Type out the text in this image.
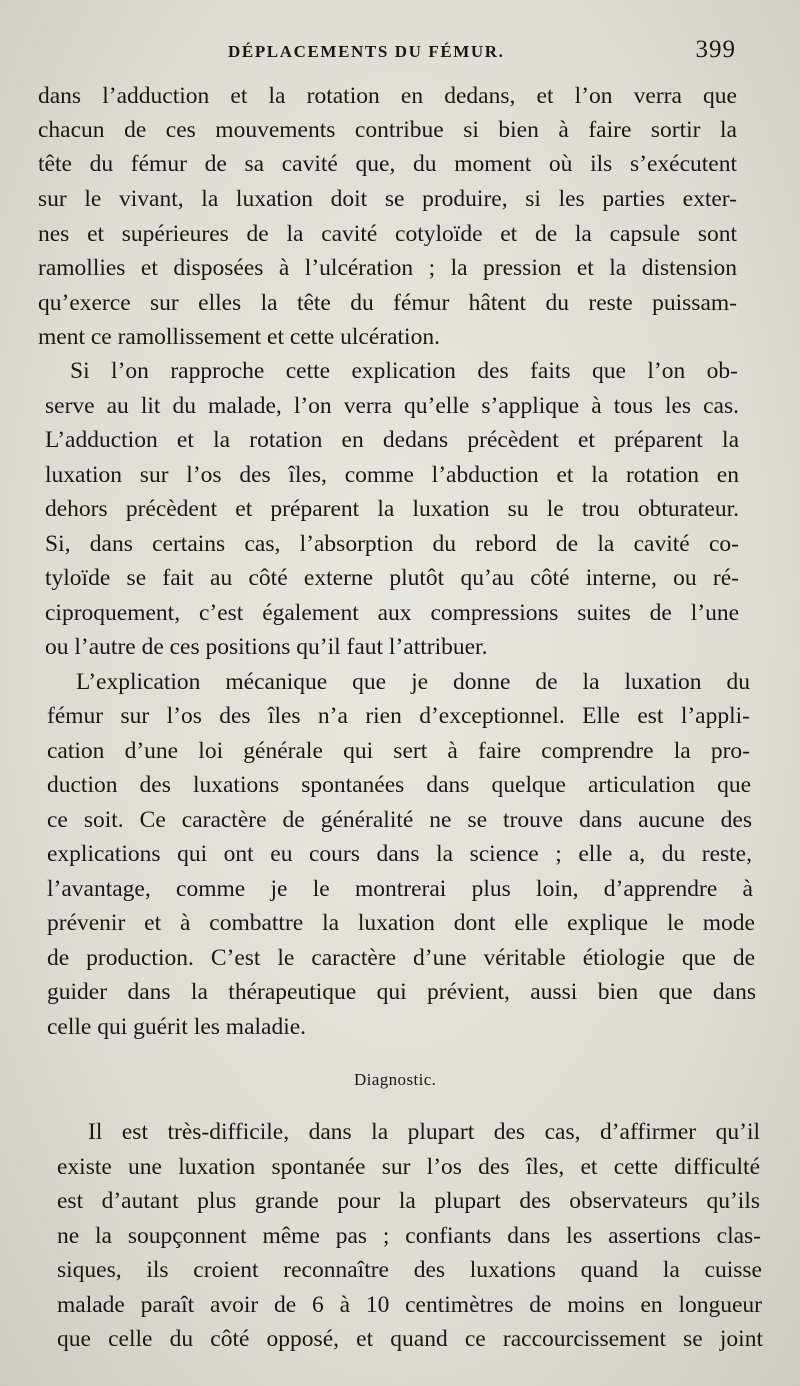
DÉPLACEMENTS DU FÉMUR.	399
dans l’adduction et la rotation en dedans, et l’on verra que
chacun de ces mouvements contribue si bien à faire sortir la
tête du fémur de sa cavité que, du moment où ils s’exécutent
sur le vivant, la luxation doit se produire, si les parties exter-
nes et supérieures de la cavité cotyloïde et de la capsule sont
ramollies et disposées à l’ulcération ; la pression et la distension
qu’exerce sur elles la tête du fémur hâtent du reste puissam-
ment ce ramollissement et cette ulcération.
Si l’on rapproche cette explication des faits que l’on ob-
serve au lit du malade, l’on verra qu’elle s’applique à tous les cas.
L’adduction et la rotation en dedans précèdent et préparent la
luxation sur l’os des îles, comme l’abduction et la rotation en
dehors précèdent et préparent la luxation su le trou obturateur.
Si, dans certains cas, l’absorption du rebord de la cavité co-
tyloïde se fait au côté externe plutôt qu’au côté interne, ou ré-
ciproquement, c’est également aux compressions suites de l’une
ou l’autre de ces positions qu’il faut l’attribuer.
L’explication mécanique que je donne de la luxation du
fémur sur l’os des îles n’a rien d’exceptionnel. Elle est l’appli-
cation d’une loi générale qui sert à faire comprendre la pro-
duction des luxations spontanées dans quelque articulation que
ce soit. Ce caractère de généralité ne se trouve dans aucune des
explications qui ont eu cours dans la science ; elle a, du reste,
l’avantage, comme je le montrerai plus loin, d’apprendre à
prévenir et à combattre la luxation dont elle explique le mode
de production. C’est le caractère d’une véritable étiologie que de
guider dans la thérapeutique qui prévient, aussi bien que dans
celle qui guérit les maladie.
Diagnostic.
Il est très-difficile, dans la plupart des cas, d’affirmer qu’il
existe une luxation spontanée sur l’os des îles, et cette difficulté
est d’autant plus grande pour la plupart des observateurs qu’ils
ne la soupçonnent même pas ; confiants dans les assertions clas-
siques, ils croient reconnaître des luxations quand la cuisse
malade paraît avoir de 6 à 10 centimètres de moins en longueur
que celle du côté opposé, et quand ce raccourcissement se joint
